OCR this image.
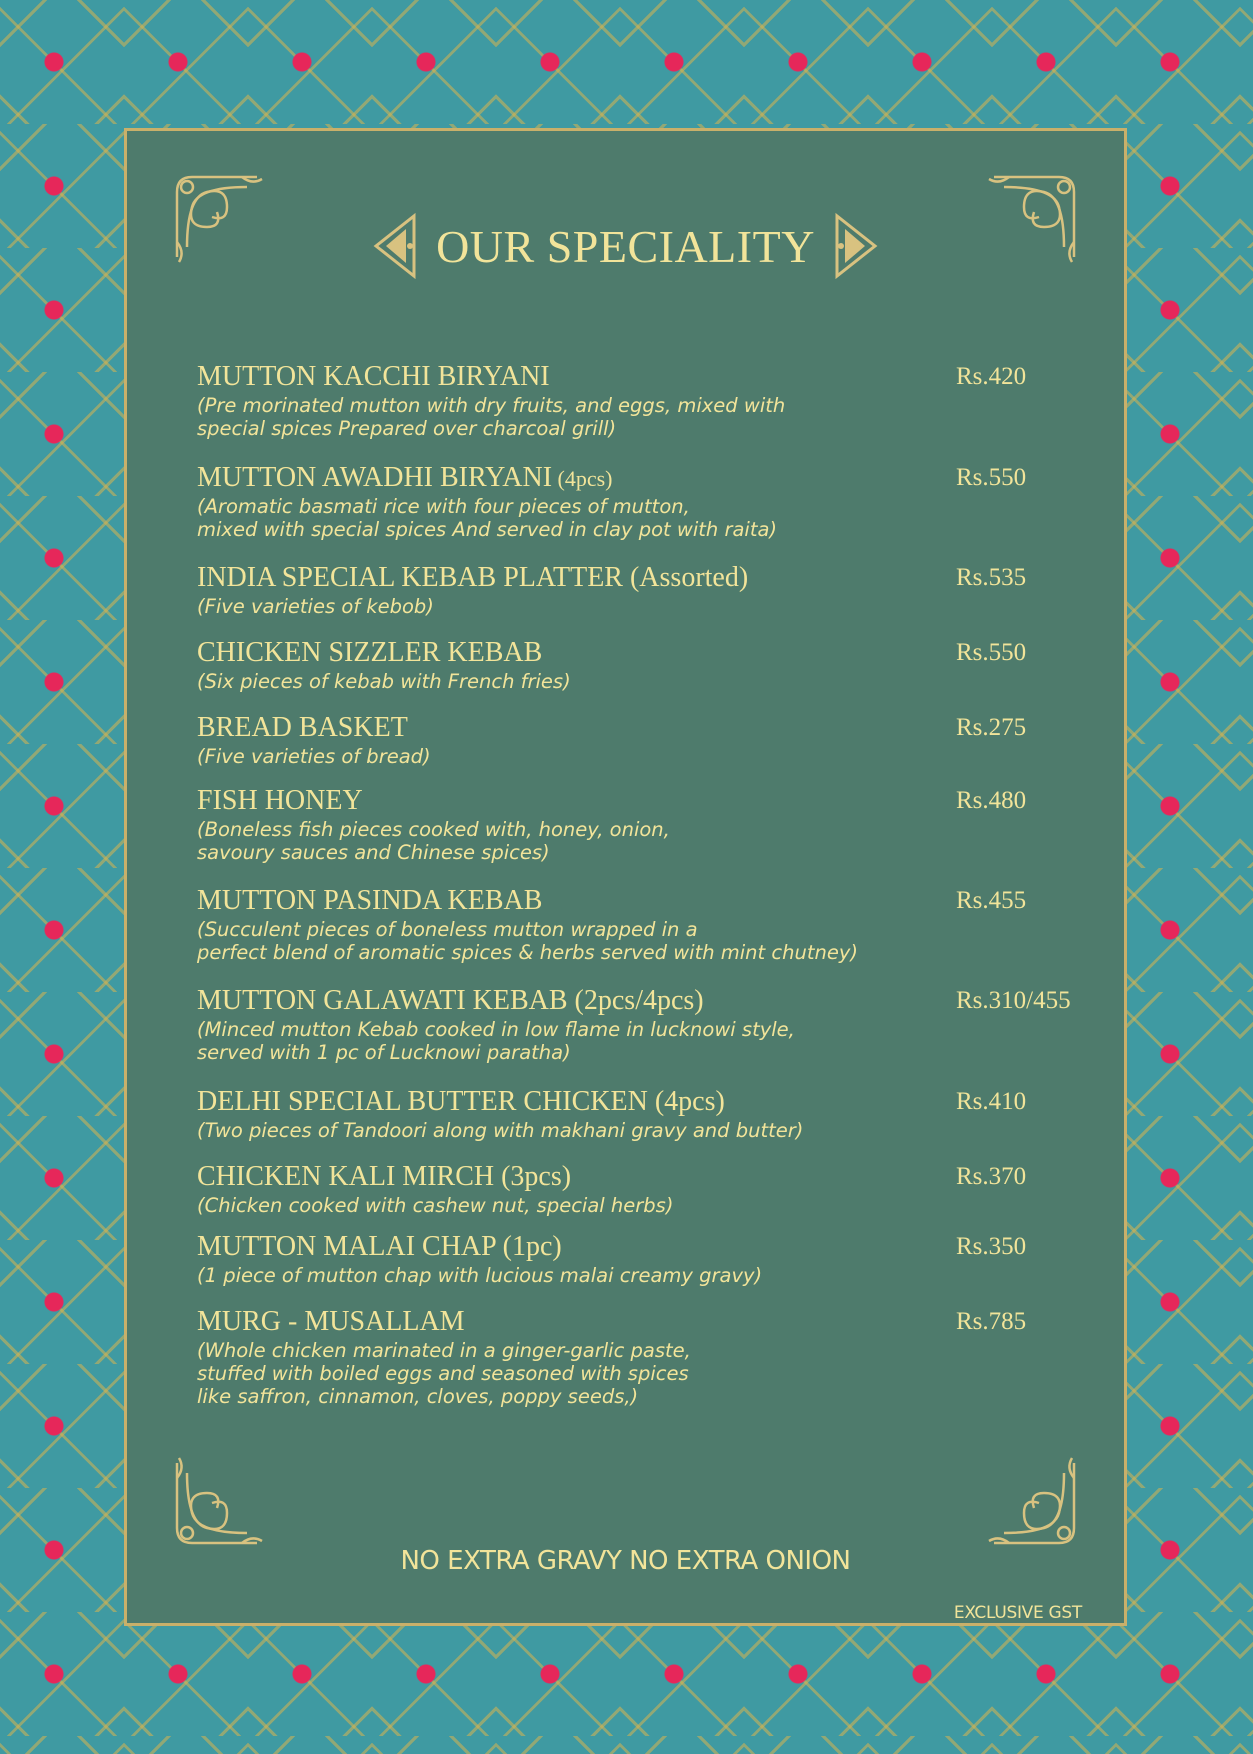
OUR SPECIALITY
MUTTON KACCHI BIRYANI
(Pre morinated mutton with dry fruits, and eggs, mixed with
special spices Prepared over charcoal grill)
Rs.420
MUTTON AWADHI BIRYANI (4pcs)
(Aromatic basmati rice with four pieces of mutton,
mixed with special spices And served in clay pot with raita)
Rs.550
INDIA SPECIAL KEBAB PLATTER (Assorted)
(Five varieties of kebob)
Rs.535
CHICKEN SIZZLER KEBAB
(Six pieces of kebab with French fries)
Rs.550
BREAD BASKET
(Five varieties of bread)
Rs.275
FISH HONEY
(Boneless fish pieces cooked with, honey, onion,
savoury sauces and Chinese spices)
Rs.480
MUTTON PASINDA KEBAB
(Succulent pieces of boneless mutton wrapped in a
perfect blend of aromatic spices & herbs served with mint chutney)
Rs.455
MUTTON GALAWATI KEBAB (2pcs/4pcs)
(Minced mutton Kebab cooked in low flame in lucknowi style,
served with 1 pc of Lucknowi paratha)
Rs.310/455
DELHI SPECIAL BUTTER CHICKEN (4pcs)
(Two pieces of Tandoori along with makhani gravy and butter)
Rs.410
CHICKEN KALI MIRCH (3pcs)
(Chicken cooked with cashew nut, special herbs)
Rs.370
MUTTON MALAI CHAP (1pc)
(1 piece of mutton chap with lucious malai creamy gravy)
Rs.350
MURG - MUSALLAM
(Whole chicken marinated in a ginger-garlic paste,
stuffed with boiled eggs and seasoned with spices
like saffron, cinnamon, cloves, poppy seeds,)
Rs.785
NO EXTRA GRAVY NO EXTRA ONION
EXCLUSIVE GST
